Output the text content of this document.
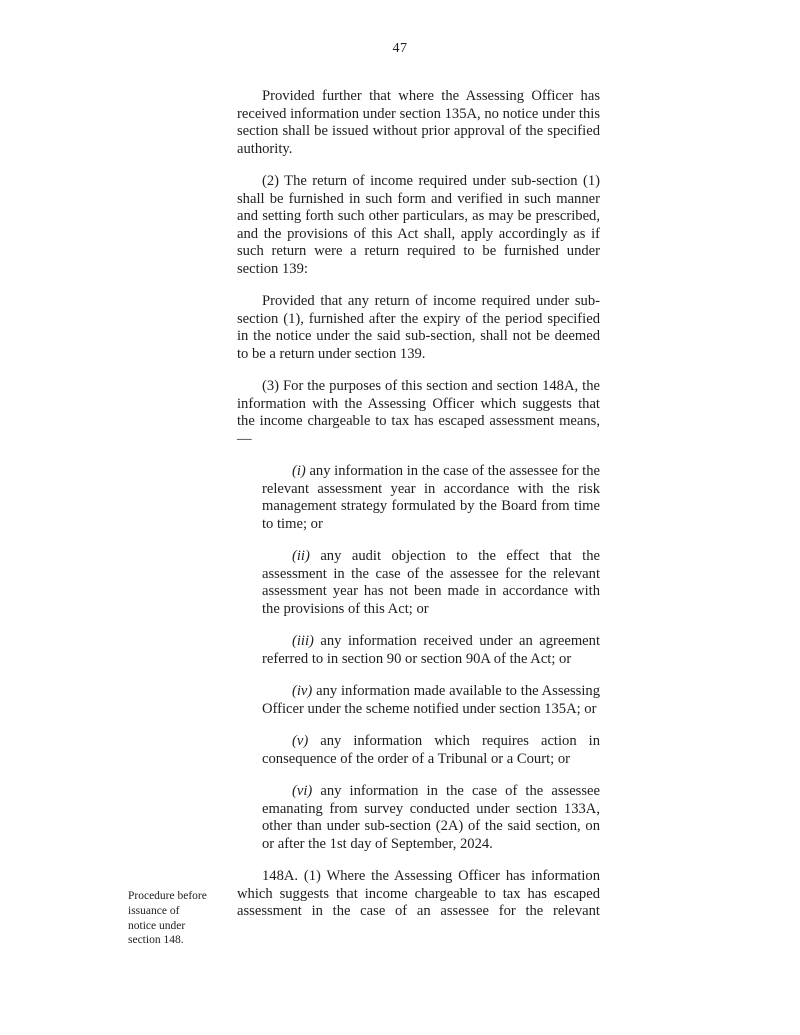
47
Procedure before issuance of notice under section 148.

Provided further that where the Assessing Officer has received information under section 135A, no notice under this section shall be issued without prior approval of the specified authority.

(2) The return of income required under sub-section (1) shall be furnished in such form and verified in such manner and setting forth such other particulars, as may be prescribed, and the provisions of this Act shall, apply accordingly as if such return were a return required to be furnished under section 139:

Provided that any return of income required under sub-section (1), furnished after the expiry of the period specified in the notice under the said sub-section, shall not be deemed to be a return under section 139.

(3) For the purposes of this section and section 148A, the information with the Assessing Officer which suggests that the income chargeable to tax has escaped assessment means,—

(i) any information in the case of the assessee for the relevant assessment year in accordance with the risk management strategy formulated by the Board from time to time; or

(ii) any audit objection to the effect that the assessment in the case of the assessee for the relevant assessment year has not been made in accordance with the provisions of this Act; or

(iii) any information received under an agreement referred to in section 90 or section 90A of the Act; or

(iv) any information made available to the Assessing Officer under the scheme notified under section 135A; or

(v) any information which requires action in consequence of the order of a Tribunal or a Court; or

(vi) any information in the case of the assessee emanating from survey conducted under section 133A, other than under sub-section (2A) of the said section, on or after the 1st day of September, 2024.

148A. (1) Where the Assessing Officer has information which suggests that income chargeable to tax has escaped assessment in the case of an assessee for the relevant
